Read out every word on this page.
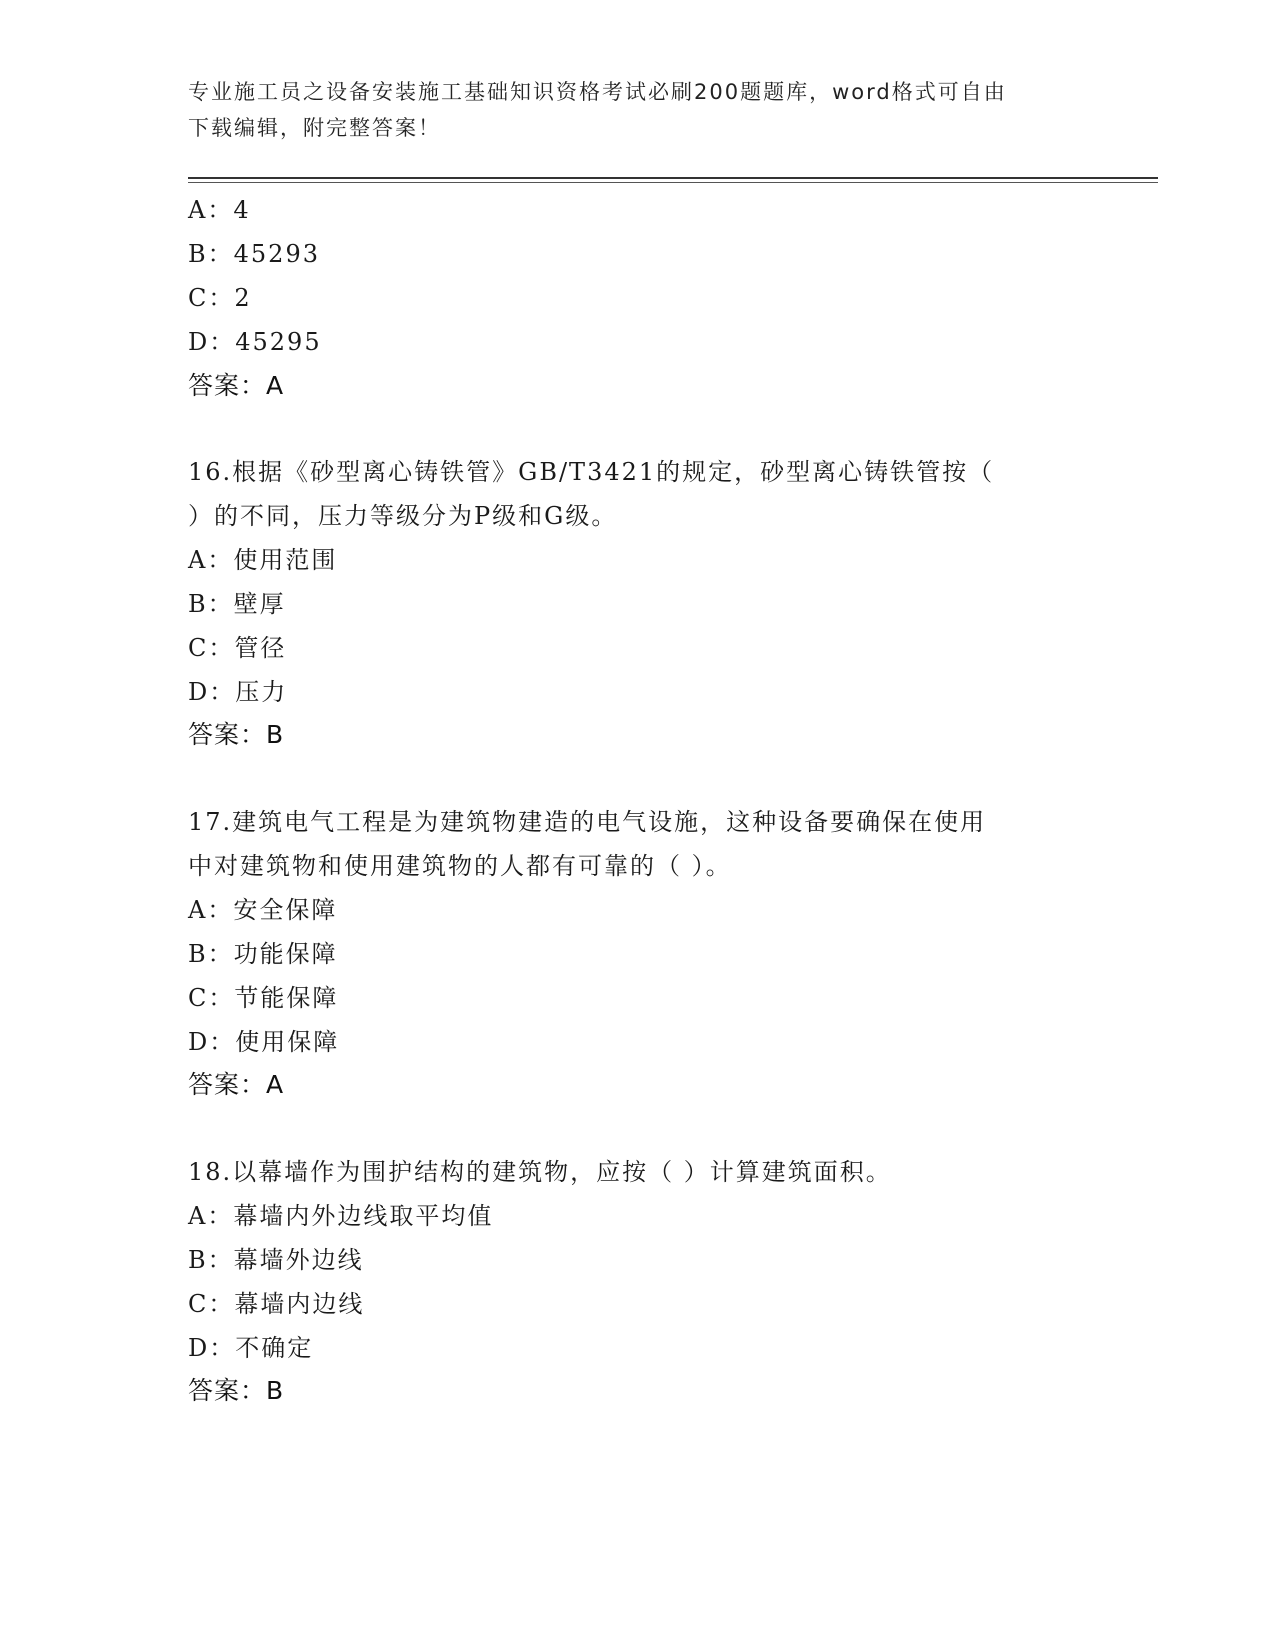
专业施工员之设备安装施工基础知识资格考试必刷200题题库，word格式可自由
下载编辑，附完整答案！
A：4
B：45293
C：2
D：45295
答案：A
16.根据《砂型离心铸铁管》GB/T3421的规定，砂型离心铸铁管按（
）的不同，压力等级分为P级和G级。
A：使用范围
B：壁厚
C：管径
D：压力
答案：B
17.建筑电气工程是为建筑物建造的电气设施，这种设备要确保在使用
中对建筑物和使用建筑物的人都有可靠的（ ）。
A：安全保障
B：功能保障
C：节能保障
D：使用保障
答案：A
18.以幕墙作为围护结构的建筑物，应按（ ）计算建筑面积。
A：幕墙内外边线取平均值
B：幕墙外边线
C：幕墙内边线
D：不确定
答案：B
